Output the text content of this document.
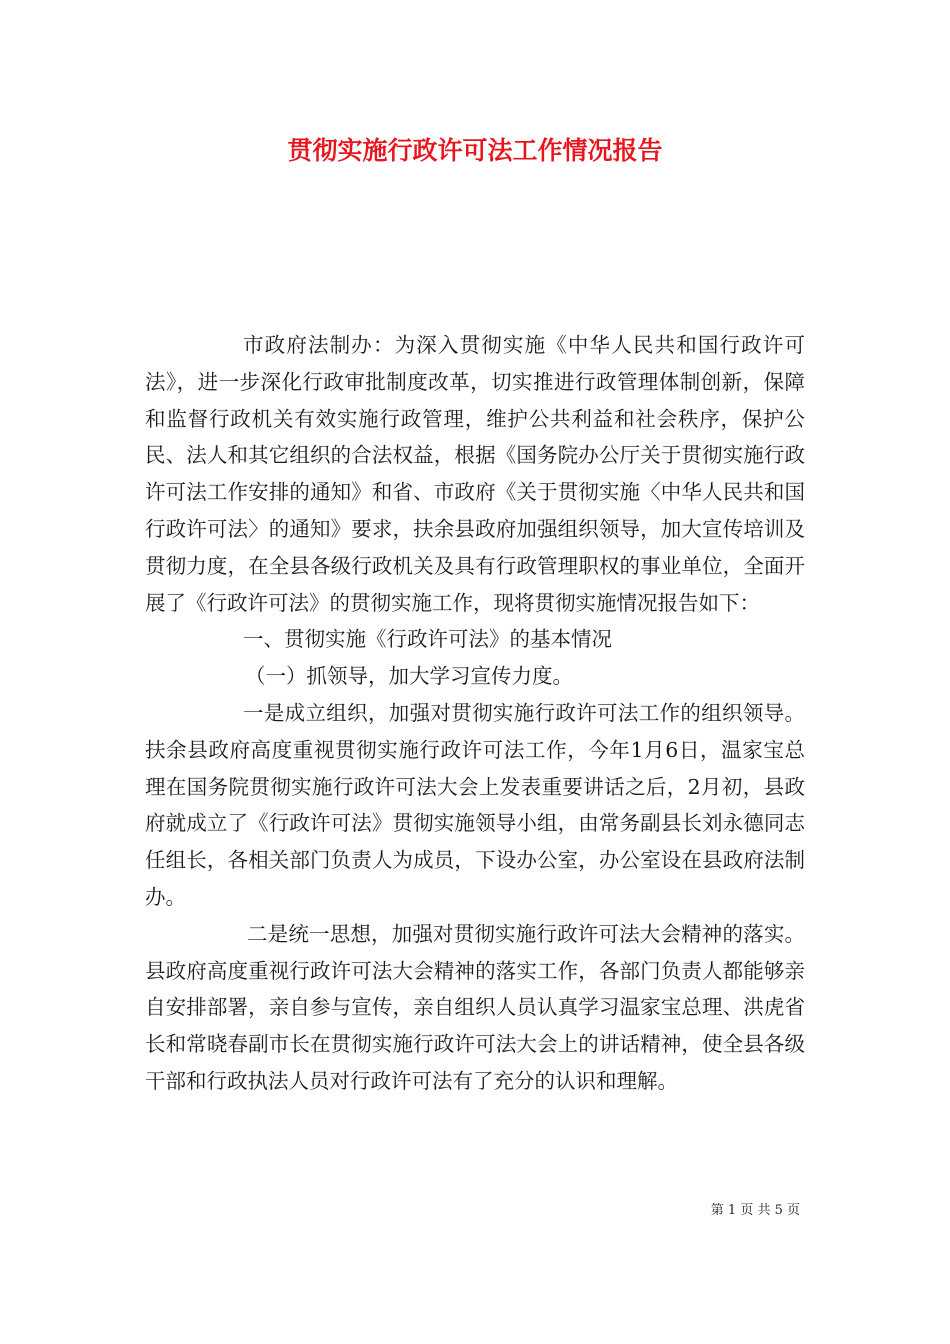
贯彻实施行政许可法工作情况报告

市政府法制办：为深入贯彻实施《中华人民共和国行政许可法》，进一步深化行政审批制度改革，切实推进行政管理体制创新，保障和监督行政机关有效实施行政管理，维护公共利益和社会秩序，保护公民、法人和其它组织的合法权益，根据《国务院办公厅关于贯彻实施行政许可法工作安排的通知》和省、市政府《关于贯彻实施〈中华人民共和国行政许可法〉的通知》要求，扶余县政府加强组织领导，加大宣传培训及贯彻力度，在全县各级行政机关及具有行政管理职权的事业单位，全面开展了《行政许可法》的贯彻实施工作，现将贯彻实施情况报告如下：

一、贯彻实施《行政许可法》的基本情况

（一）抓领导，加大学习宣传力度。

一是成立组织，加强对贯彻实施行政许可法工作的组织领导。扶余县政府高度重视贯彻实施行政许可法工作，今年1月6日，温家宝总理在国务院贯彻实施行政许可法大会上发表重要讲话之后，2月初，县政府就成立了《行政许可法》贯彻实施领导小组，由常务副县长刘永德同志任组长，各相关部门负责人为成员，下设办公室，办公室设在县政府法制办。

二是统一思想，加强对贯彻实施行政许可法大会精神的落实。县政府高度重视行政许可法大会精神的落实工作，各部门负责人都能够亲自安排部署，亲自参与宣传，亲自组织人员认真学习温家宝总理、洪虎省长和常晓春副市长在贯彻实施行政许可法大会上的讲话精神，使全县各级干部和行政执法人员对行政许可法有了充分的认识和理解。

第 1 页 共 5 页
